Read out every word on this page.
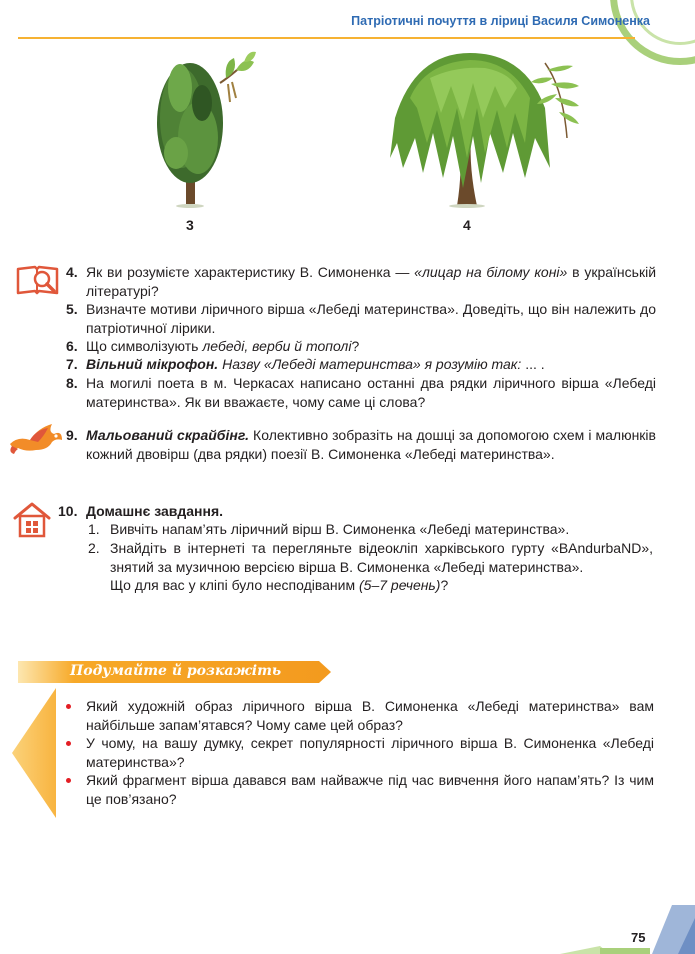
Патріотичні почуття в ліриці Василя Симоненка
3	4
4. Як ви розумієте характеристику В. Симоненка — «лицар на білому коні» в українській літературі?
5. Визначте мотиви ліричного вірша «Лебеді материнства». Доведіть, що він належить до патріотичної лірики.
6. Що символізують лебеді, верби й тополі?
7. Вільний мікрофон. Назву «Лебеді материнства» я розумію так: ... .
8. На могилі поета в м. Черкасах написано останні два рядки ліричного вірша «Лебеді материнства». Як ви вважаєте, чому саме ці слова?
9. Мальований скрайбінг. Колективно зобразіть на дошці за допомогою схем і малюнків кожний двовірш (два рядки) поезії В. Симоненка «Лебеді материнства».
10. Домашнє завдання.
1. Вивчіть напам’ять ліричний вірш В. Симоненка «Лебеді материнства».
2. Знайдіть в інтернеті та перегляньте відеокліп харківського гурту «BAndurbaND», знятий за музичною версією вірша В. Симоненка «Лебеді материнства».
Що для вас у кліпі було несподіваним (5–7 речень)?
Подумайте й розкажіть
Який художній образ ліричного вірша В. Симоненка «Лебеді материнства» вам найбільше запам’ятався? Чому саме цей образ?
У чому, на вашу думку, секрет популярності ліричного вірша В. Симоненка «Лебеді материнства»?
Який фрагмент вірша давався вам найважче під час вивчення його напам’ять? Із чим це пов’язано?
75
